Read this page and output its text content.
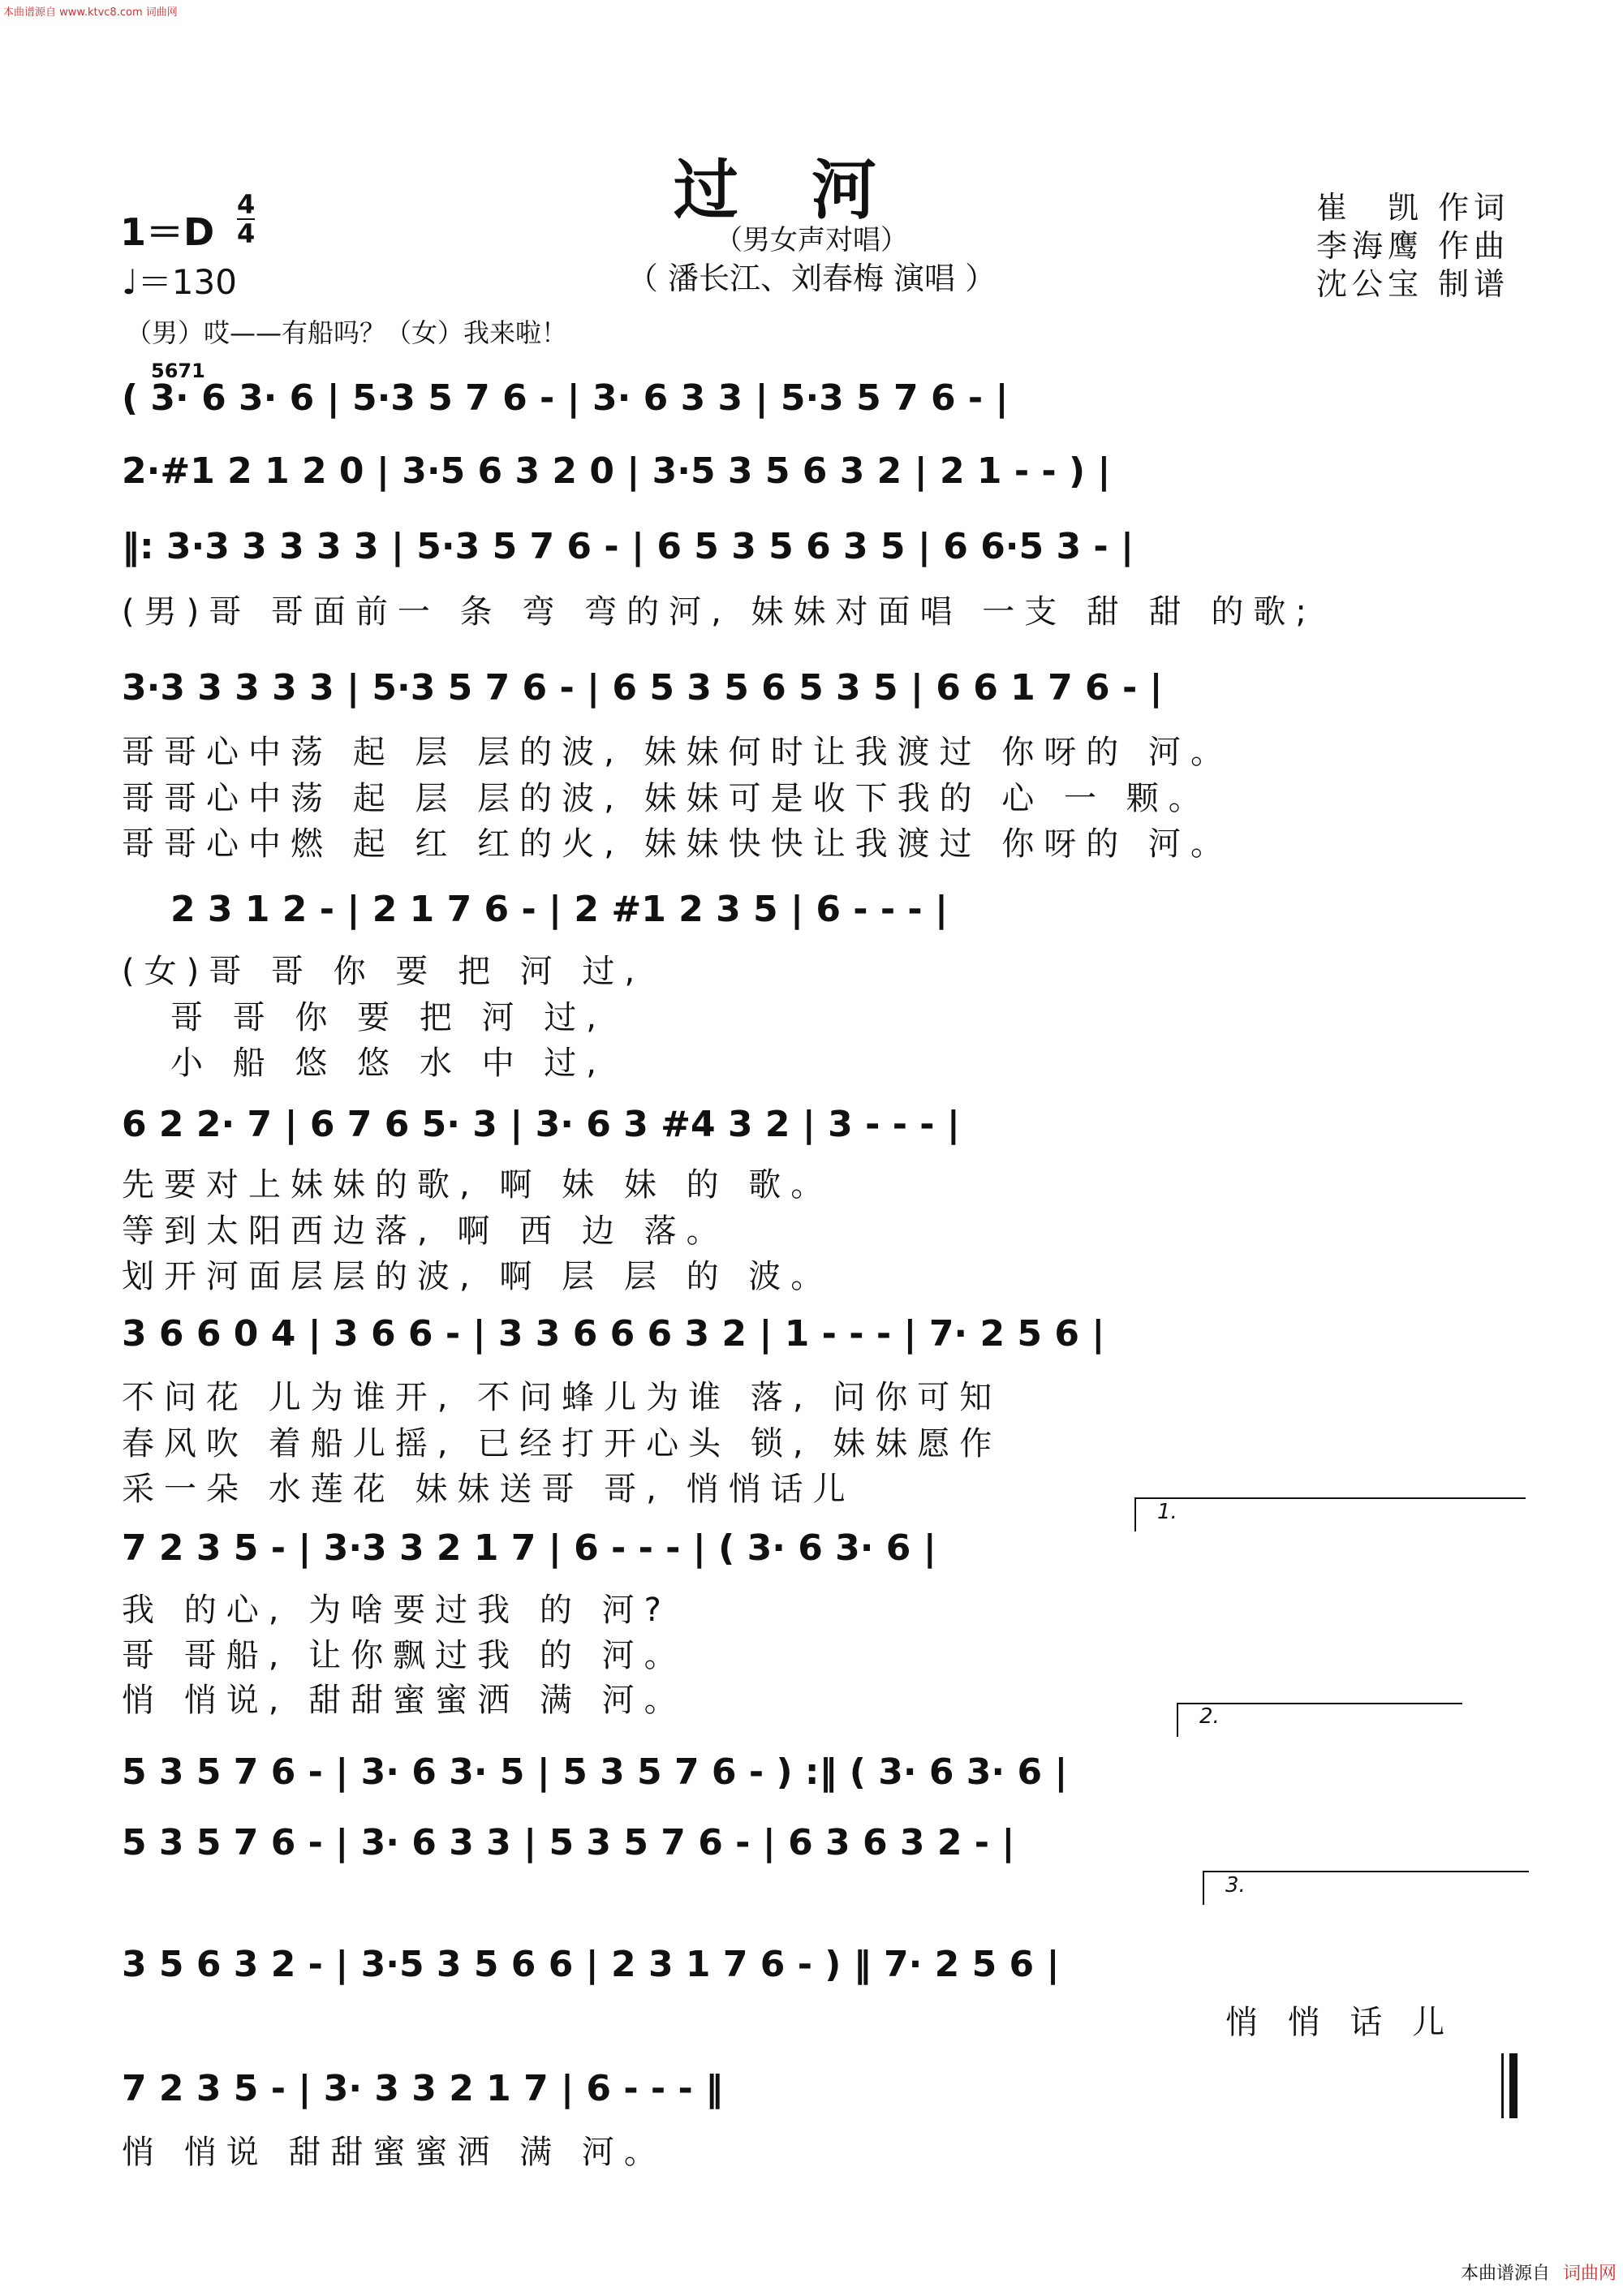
本曲谱源自 www.ktvc8.com 词曲网
过河
（男女声对唱）
（ 潘长江、刘春梅 演唱 ）
崔　凯 作词
李海鹰 作曲
沈公宝 制谱
1＝D
4
4
♩＝130
（男）哎——有船吗？（女）我来啦！
5671
( 3· 6 3· 6 | 5·3 5 7 6 - | 3· 6 3 3 | 5·3 5 7 6 - |
2·#1 2 1 2 0 | 3·5 6 3 2 0 | 3·5 3 5 6 3 2 | 2 1 - - ) |
‖: 3·3 3 3 3 3 | 5·3 5 7 6 - | 6 5 3 5 6 3 5 | 6 6·5 3 - |
(男)哥 哥面前一 条 弯 弯的河, 妹妹对面唱 一支 甜 甜 的歌;
3·3 3 3 3 3 | 5·3 5 7 6 - | 6 5 3 5 6 5 3 5 | 6 6 1 7 6 - |
哥哥心中荡 起 层 层的波, 妹妹何时让我渡过 你呀的 河。
哥哥心中荡 起 层 层的波, 妹妹可是收下我的 心 一 颗。
哥哥心中燃 起 红 红的火, 妹妹快快让我渡过 你呀的 河。
2 3 1 2 - | 2 1 7 6 - | 2 #1 2 3 5 | 6 - - - |
(女)哥 哥 你 要 把 河 过,
哥 哥 你 要 把 河 过,
小 船 悠 悠 水 中 过,
6 2 2· 7 | 6 7 6 5· 3 | 3· 6 3 #4 3 2 | 3 - - - |
先要对上妹妹的歌, 啊 妹 妹 的 歌。
等到太阳西边落, 啊 西 边 落。
划开河面层层的波, 啊 层 层 的 波。
3 6 6 0 4 | 3 6 6 - | 3 3 6 6 6 3 2 | 1 - - - | 7· 2 5 6 |
不问花 儿为谁开, 不问蜂儿为谁 落, 问你可知
春风吹 着船儿摇, 已经打开心头 锁, 妹妹愿作
采一朵 水莲花 妹妹送哥 哥, 悄悄话儿
7 2 3 5 - | 3·3 3 2 1 7 | 6 - - - | ( 3· 6 3· 6 |
我 的心, 为啥要过我 的 河?
哥 哥船, 让你飘过我 的 河。
悄 悄说, 甜甜蜜蜜洒 满 河。
5 3 5 7 6 - | 3· 6 3· 5 | 5 3 5 7 6 - ) :‖ ( 3· 6 3· 6 |
5 3 5 7 6 - | 3· 6 3 3 | 5 3 5 7 6 - | 6 3 6 3 2 - |
3 5 6 3 2 - | 3·5 3 5 6 6 | 2 3 1 7 6 - ) ‖ 7· 2 5 6 |
悄 悄 话 儿
7 2 3 5 - | 3· 3 3 2 1 7 | 6 - - - ‖
悄 悄说 甜甜蜜蜜洒 满 河。
1.
2.
3.
本曲谱源自 词曲网
